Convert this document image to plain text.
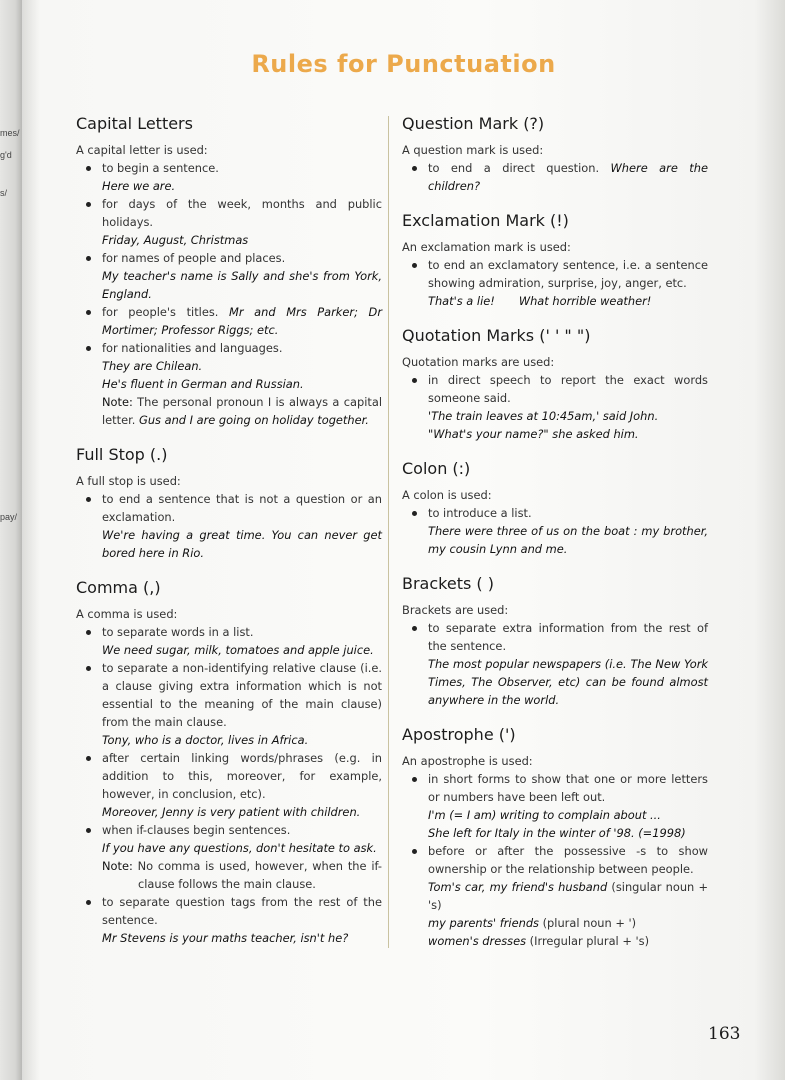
mes/
g'd
s/
pay/
Rules for Punctuation
Capital Letters
A capital letter is used:
to begin a sentence.
Here we are.
for days of the week, months and public holidays.
Friday, August, Christmas
for names of people and places.
My teacher's name is Sally and she's from York, England.
for people's titles. Mr and Mrs Parker; Dr Mortimer; Professor Riggs; etc.
for nationalities and languages.
They are Chilean.
He's fluent in German and Russian.
Note: The personal pronoun I is always a capital letter. Gus and I are going on holiday together.
Full Stop (.)
A full stop is used:
to end a sentence that is not a question or an exclamation.
We're having a great time. You can never get bored here in Rio.
Comma (,)
A comma is used:
to separate words in a list.
We need sugar, milk, tomatoes and apple juice.
to separate a non-identifying relative clause (i.e. a clause giving extra information which is not essential to the meaning of the main clause) from the main clause.
Tony, who is a doctor, lives in Africa.
after certain linking words/phrases (e.g. in addition to this, moreover, for example, however, in conclusion, etc).
Moreover, Jenny is very patient with children.
when if-clauses begin sentences.
If you have any questions, don't hesitate to ask.
Note: No comma is used, however, when the if-clause follows the main clause.
to separate question tags from the rest of the sentence.
Mr Stevens is your maths teacher, isn't he?
Question Mark (?)
A question mark is used:
to end a direct question. Where are the children?
Exclamation Mark (!)
An exclamation mark is used:
to end an exclamatory sentence, i.e. a sentence showing admiration, surprise, joy, anger, etc.
That's a lie! What horrible weather!
Quotation Marks (' ' " ")
Quotation marks are used:
in direct speech to report the exact words someone said.
'The train leaves at 10:45am,' said John.
"What's your name?" she asked him.
Colon (:)
A colon is used:
to introduce a list.
There were three of us on the boat : my brother, my cousin Lynn and me.
Brackets ( )
Brackets are used:
to separate extra information from the rest of the sentence.
The most popular newspapers (i.e. The New York Times, The Observer, etc) can be found almost anywhere in the world.
Apostrophe (')
An apostrophe is used:
in short forms to show that one or more letters or numbers have been left out.
I'm (= I am) writing to complain about ...
She left for Italy in the winter of '98. (=1998)
before or after the possessive -s to show ownership or the relationship between people.
Tom's car, my friend's husband (singular noun + 's)
my parents' friends (plural noun + ')
women's dresses (Irregular plural + 's)
163
